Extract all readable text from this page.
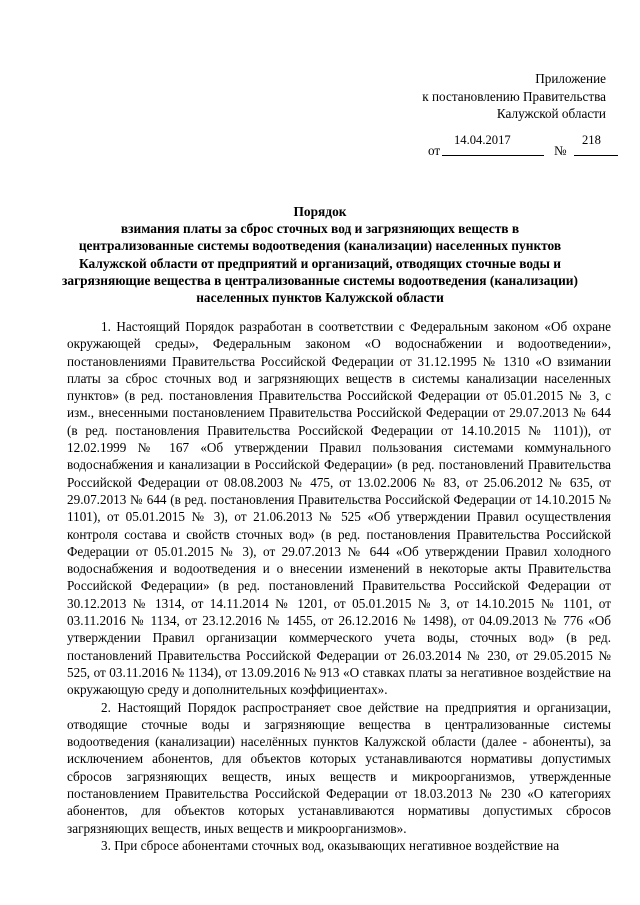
Приложение
к постановлению Правительства
Калужской области
от
14.04.2017
№
218
Порядок
взимания платы за сброс сточных вод и загрязняющих веществ в
централизованные системы водоотведения (канализации) населенных пунктов
Калужской области от предприятий и организаций, отводящих сточные воды и
загрязняющие вещества в централизованные системы водоотведения (канализации)
населенных пунктов Калужской области

1. Настоящий Порядок разработан в соответствии с Федеральным законом «Об охране окружающей среды», Федеральным законом «О водоснабжении и водоотведении», постановлениями Правительства Российской Федерации от 31.12.1995 № 1310 «О взимании платы за сброс сточных вод и загрязняющих веществ в системы канализации населенных пунктов» (в ред. постановления Правительства Российской Федерации от 05.01.2015 № 3, с изм., внесенными постановлением Правительства Российской Федерации от 29.07.2013 № 644 (в ред. постановления Правительства Российской Федерации от 14.10.2015 № 1101)), от 12.02.1999 № 167 «Об утверждении Правил пользования системами коммунального водоснабжения и канализации в Российской Федерации» (в ред. постановлений Правительства Российской Федерации от 08.08.2003 № 475, от 13.02.2006 № 83, от 25.06.2012 № 635, от 29.07.2013 № 644 (в ред. постановления Правительства Российской Федерации от 14.10.2015 № 1101), от 05.01.2015 № 3), от 21.06.2013 № 525 «Об утверждении Правил осуществления контроля состава и свойств сточных вод» (в ред. постановления Правительства Российской Федерации от 05.01.2015 № 3), от 29.07.2013 № 644 «Об утверждении Правил холодного водоснабжения и водоотведения и о внесении изменений в некоторые акты Правительства Российской Федерации» (в ред. постановлений Правительства Российской Федерации от 30.12.2013 № 1314, от 14.11.2014 № 1201, от 05.01.2015 № 3, от 14.10.2015 № 1101, от 03.11.2016 № 1134, от 23.12.2016 № 1455, от 26.12.2016 № 1498), от 04.09.2013 № 776 «Об утверждении Правил организации коммерческого учета воды, сточных вод» (в ред. постановлений Правительства Российской Федерации от 26.03.2014 № 230, от 29.05.2015 № 525, от 03.11.2016 № 1134), от 13.09.2016 № 913 «О ставках платы за негативное воздействие на окружающую среду и дополнительных коэффициентах».

2. Настоящий Порядок распространяет свое действие на предприятия и организации, отводящие сточные воды и загрязняющие вещества в централизованные системы водоотведения (канализации) населённых пунктов Калужской области (далее - абоненты), за исключением абонентов, для объектов которых устанавливаются нормативы допустимых сбросов загрязняющих веществ, иных веществ и микроорганизмов, утвержденные постановлением Правительства Российской Федерации от 18.03.2013 № 230 «О категориях абонентов, для объектов которых устанавливаются нормативы допустимых сбросов загрязняющих веществ, иных веществ и микроорганизмов».

3. При сбросе абонентами сточных вод, оказывающих негативное воздействие на
